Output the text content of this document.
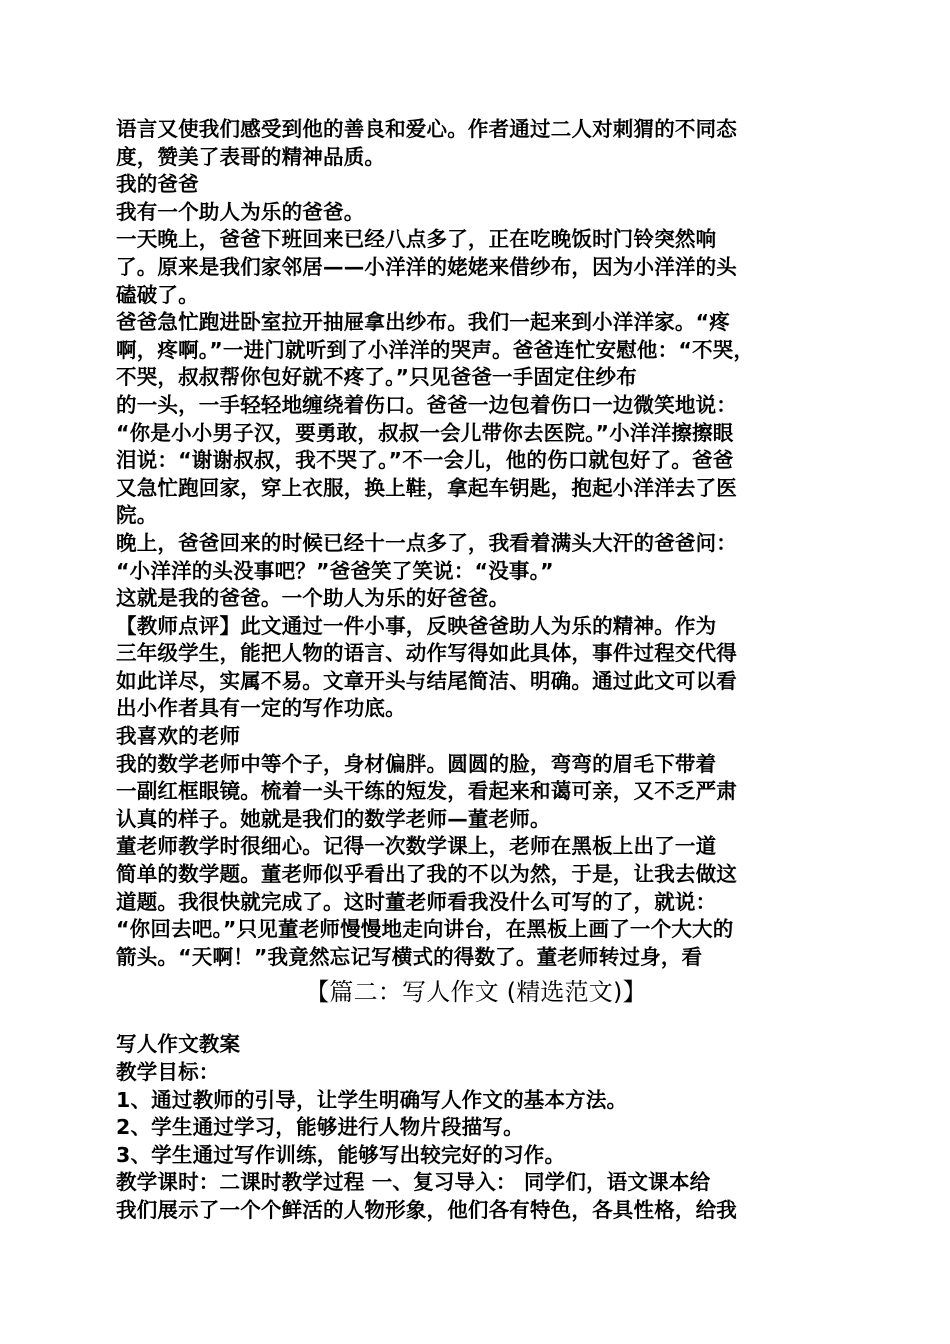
语言又使我们感受到他的善良和爱心。作者通过二人对刺猬的不同态
度，赞美了表哥的精神品质。
我的爸爸
我有一个助人为乐的爸爸。
一天晚上，爸爸下班回来已经八点多了，正在吃晚饭时门铃突然响
了。原来是我们家邻居——小洋洋的姥姥来借纱布，因为小洋洋的头
磕破了。
爸爸急忙跑进卧室拉开抽屉拿出纱布。我们一起来到小洋洋家。“疼
啊，疼啊。”一进门就听到了小洋洋的哭声。爸爸连忙安慰他：“不哭，
不哭，叔叔帮你包好就不疼了。”只见爸爸一手固定住纱布
的一头，一手轻轻地缠绕着伤口。爸爸一边包着伤口一边微笑地说：
“你是小小男子汉，要勇敢，叔叔一会儿带你去医院。”小洋洋擦擦眼
泪说：“谢谢叔叔，我不哭了。”不一会儿，他的伤口就包好了。爸爸
又急忙跑回家，穿上衣服，换上鞋，拿起车钥匙，抱起小洋洋去了医
院。
晚上，爸爸回来的时候已经十一点多了，我看着满头大汗的爸爸问：
“小洋洋的头没事吧？”爸爸笑了笑说：“没事。”
这就是我的爸爸。一个助人为乐的好爸爸。
【教师点评】此文通过一件小事，反映爸爸助人为乐的精神。作为
三年级学生，能把人物的语言、动作写得如此具体，事件过程交代得
如此详尽，实属不易。文章开头与结尾简洁、明确。通过此文可以看
出小作者具有一定的写作功底。
我喜欢的老师
我的数学老师中等个子，身材偏胖。圆圆的脸，弯弯的眉毛下带着
一副红框眼镜。梳着一头干练的短发，看起来和蔼可亲，又不乏严肃
认真的样子。她就是我们的数学老师—董老师。
董老师教学时很细心。记得一次数学课上，老师在黑板上出了一道
简单的数学题。董老师似乎看出了我的不以为然，于是，让我去做这
道题。我很快就完成了。这时董老师看我没什么可写的了，就说：
“你回去吧。”只见董老师慢慢地走向讲台，在黑板上画了一个大大的
箭头。“天啊！”我竟然忘记写横式的得数了。董老师转过身，看
【篇二：写人作文 (精选范文)】
写人作文教案
教学目标：
1、通过教师的引导，让学生明确写人作文的基本方法。
2、学生通过学习，能够进行人物片段描写。
3、学生通过写作训练，能够写出较完好的习作。
教学课时：二课时教学过程 一、复习导入： 同学们，语文课本给
我们展示了一个个鲜活的人物形象，他们各有特色，各具性格，给我
